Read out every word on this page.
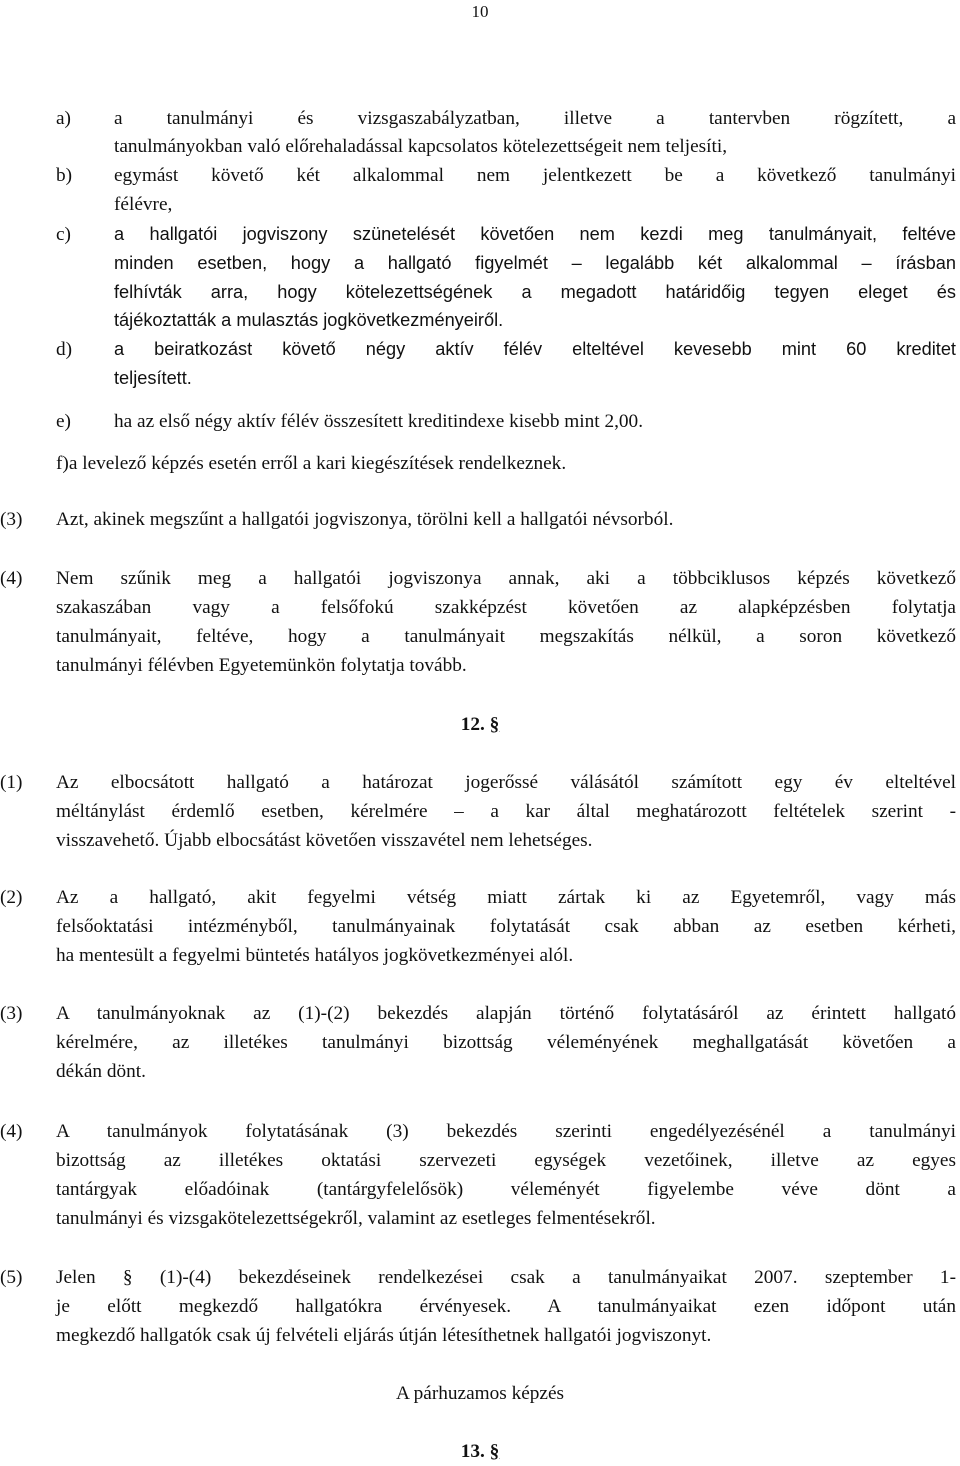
10
a) a tanulmányi és vizsgaszabályzatban, illetve a tantervben rögzített, a
tanulmányokban való előrehaladással kapcsolatos kötelezettségeit nem teljesíti,
b) egymást követő két alkalommal nem jelentkezett be a következő tanulmányi
félévre,
c) a hallgatói jogviszony szünetelését követően nem kezdi meg tanulmányait, feltéve
minden esetben, hogy a hallgató figyelmét – legalább két alkalommal – írásban
felhívták arra, hogy kötelezettségének a megadott határidőig tegyen eleget és
tájékoztatták a mulasztás jogkövetkezményeiről.
d) a beiratkozást követő négy aktív félév elteltével kevesebb mint 60 kreditet
teljesített.
e) ha az első négy aktív félév összesített kreditindexe kisebb mint 2,00.
f)a levelező képzés esetén erről a kari kiegészítések rendelkeznek.
(3) Azt, akinek megszűnt a hallgatói jogviszonya, törölni kell a hallgatói névsorból.
(4) Nem szűnik meg a hallgatói jogviszonya annak, aki a többciklusos képzés következő
szakaszában vagy a felsőfokú szakképzést követően az alapképzésben folytatja
tanulmányait, feltéve, hogy a tanulmányait megszakítás nélkül, a soron következő
tanulmányi félévben Egyetemünkön folytatja tovább.
12. §
(1) Az elbocsátott hallgató a határozat jogerőssé válásától számított egy év elteltével
méltánylást érdemlő esetben, kérelmére – a kar által meghatározott feltételek szerint -
visszavehető. Újabb elbocsátást követően visszavétel nem lehetséges.
(2) Az a hallgató, akit fegyelmi vétség miatt zártak ki az Egyetemről, vagy más
felsőoktatási intézményből, tanulmányainak folytatását csak abban az esetben kérheti,
ha mentesült a fegyelmi büntetés hatályos jogkövetkezményei alól.
(3) A tanulmányoknak az (1)-(2) bekezdés alapján történő folytatásáról az érintett hallgató
kérelmére, az illetékes tanulmányi bizottság véleményének meghallgatását követően a
dékán dönt.
(4) A tanulmányok folytatásának (3) bekezdés szerinti engedélyezésénél a tanulmányi
bizottság az illetékes oktatási szervezeti egységek vezetőinek, illetve az egyes
tantárgyak előadóinak (tantárgyfelelősök) véleményét figyelembe véve dönt a
tanulmányi és vizsgakötelezettségekről, valamint az esetleges felmentésekről.
(5) Jelen § (1)-(4) bekezdéseinek rendelkezései csak a tanulmányaikat 2007. szeptember 1-
je előtt megkezdő hallgatókra érvényesek. A tanulmányaikat ezen időpont után
megkezdő hallgatók csak új felvételi eljárás útján létesíthetnek hallgatói jogviszonyt.
A párhuzamos képzés
13. §
